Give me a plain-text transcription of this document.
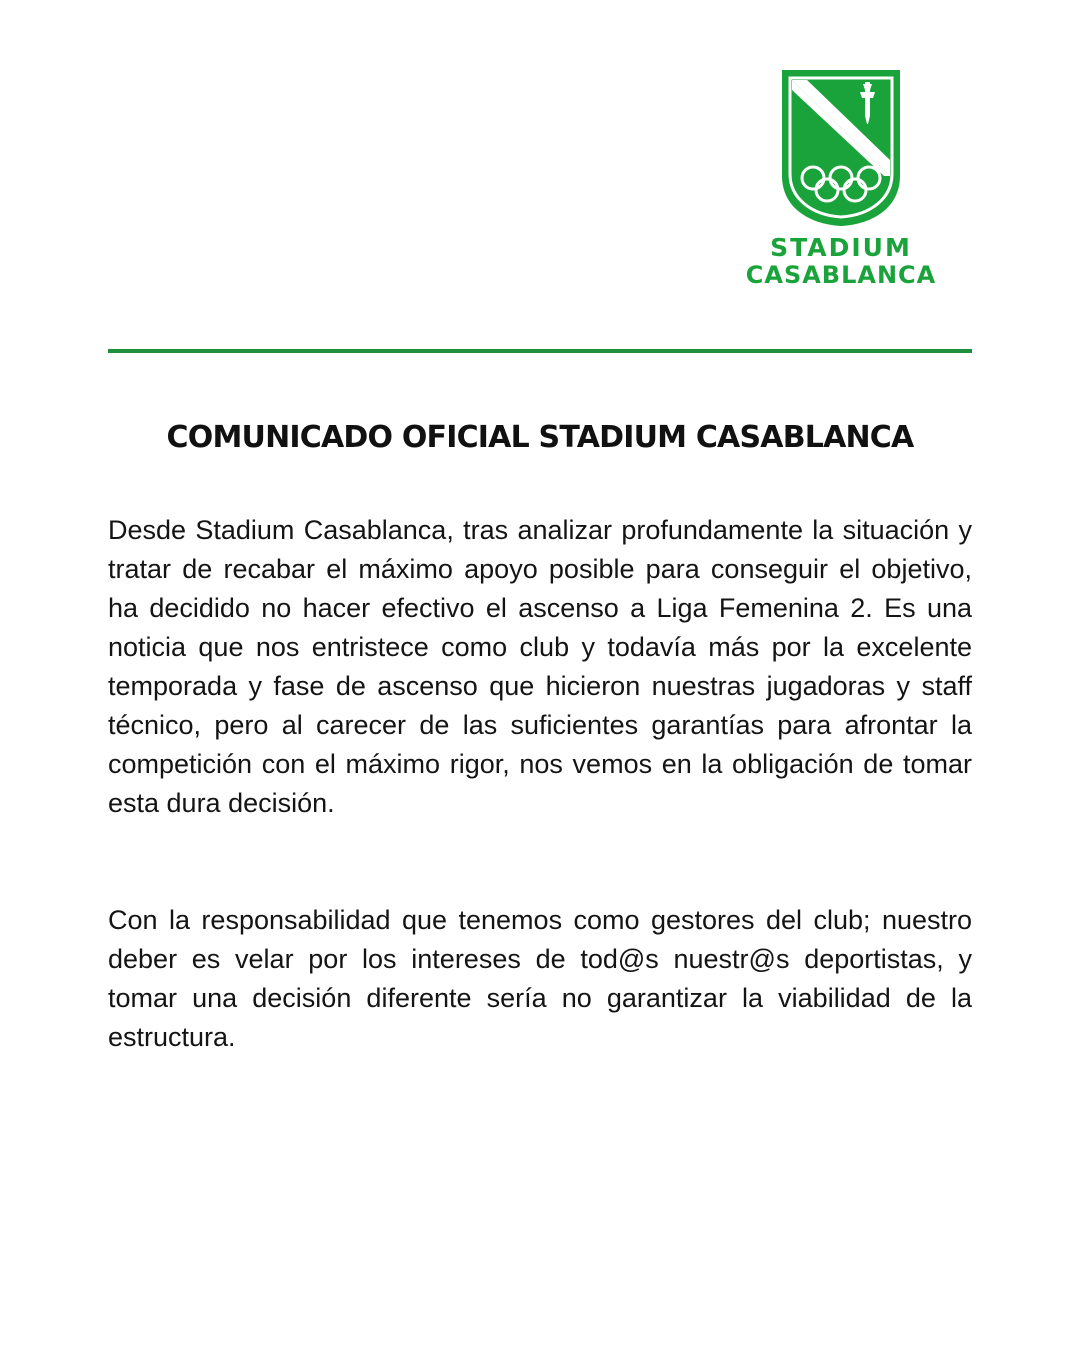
STADIUM
CASABLANCA
COMUNICADO OFICIAL STADIUM CASABLANCA

Desde Stadium Casablanca, tras analizar profundamente la situación y tratar de recabar el máximo apoyo posible para conseguir el objetivo, ha decidido no hacer efectivo el ascenso a Liga Femenina 2. Es una noticia que nos entristece como club y todavía más por la excelente temporada y fase de ascenso que hicieron nuestras jugadoras y staff técnico, pero al carecer de las suficientes garantías para afrontar la competición con el máximo rigor, nos vemos en la obligación de tomar esta dura decisión.

Con la responsabilidad que tenemos como gestores del club; nuestro deber es velar por los intereses de tod@s nuestr@s deportistas, y tomar una decisión diferente sería no garantizar la viabilidad de la estructura.
